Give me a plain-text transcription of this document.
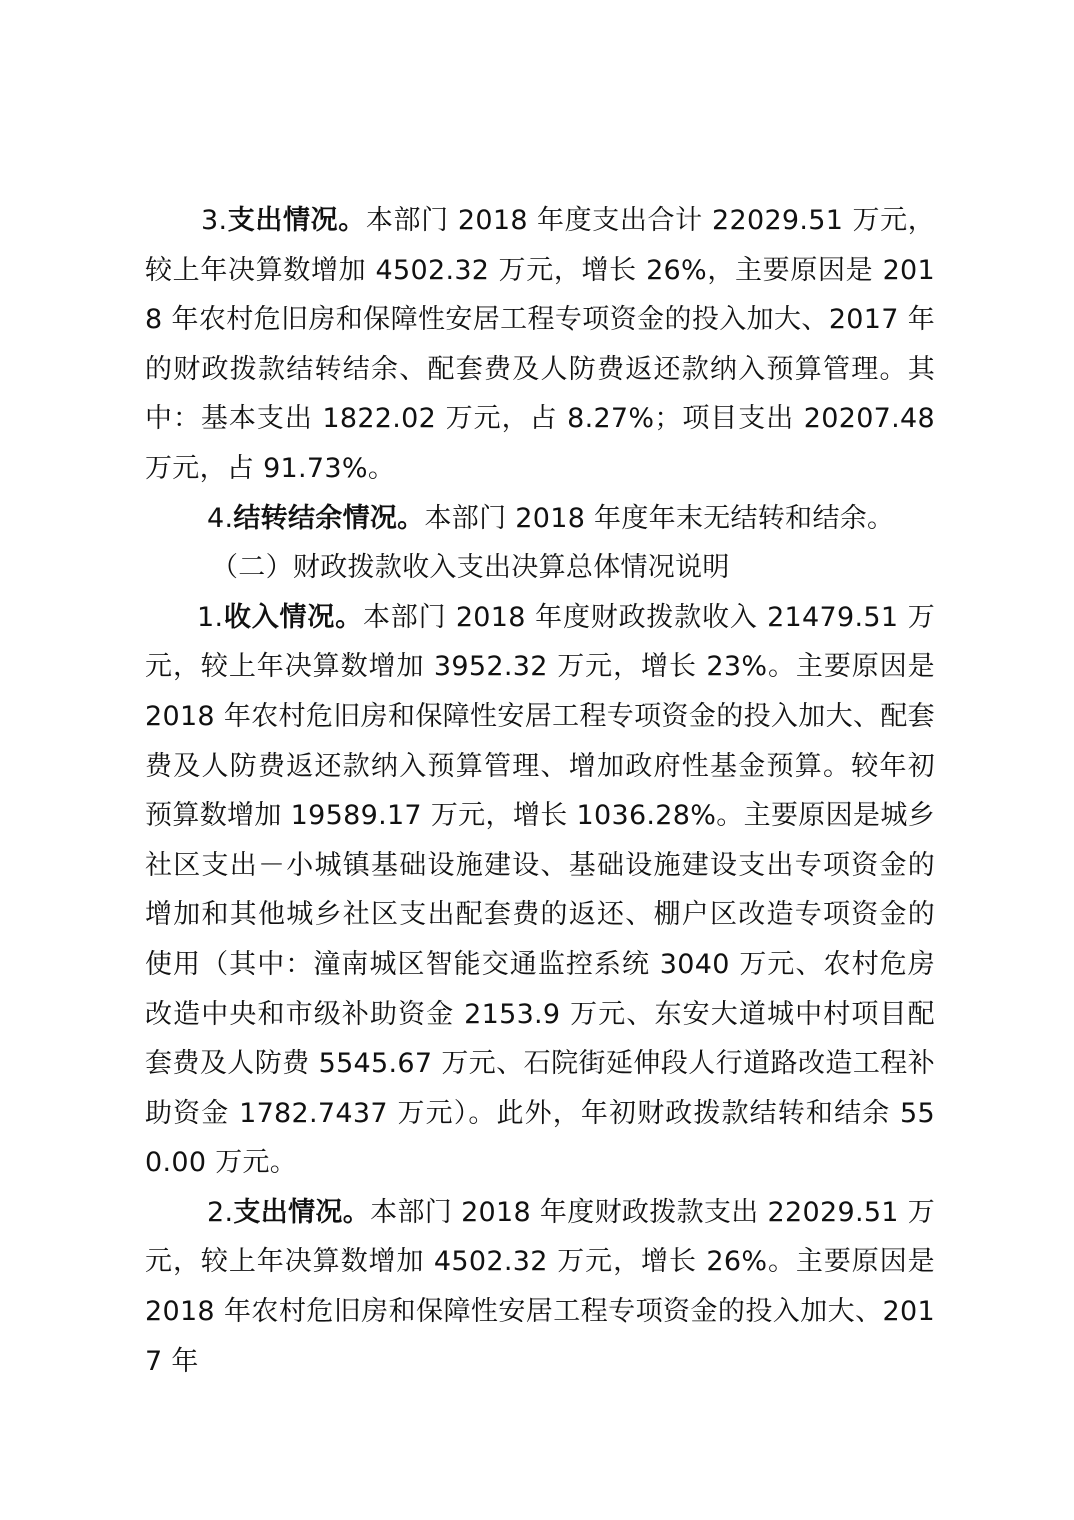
3.支出情况。本部门 2018 年度支出合计 22029.51 万元，较上年决算数增加 4502.32 万元，增长 26%，主要原因是 2018 年农村危旧房和保障性安居工程专项资金的投入加大、2017 年的财政拨款结转结余、配套费及人防费返还款纳入预算管理。其中：基本支出 1822.02 万元，占 8.27%；项目支出 20207.48 万元，占 91.73%。

4.结转结余情况。本部门 2018 年度年末无结转和结余。

（二）财政拨款收入支出决算总体情况说明

1.收入情况。本部门 2018 年度财政拨款收入 21479.51 万元，较上年决算数增加 3952.32 万元，增长 23%。主要原因是 2018 年农村危旧房和保障性安居工程专项资金的投入加大、配套费及人防费返还款纳入预算管理、增加政府性基金预算。较年初预算数增加 19589.17 万元，增长 1036.28%。主要原因是城乡社区支出－小城镇基础设施建设、基础设施建设支出专项资金的增加和其他城乡社区支出配套费的返还、棚户区改造专项资金的使用（其中：潼南城区智能交通监控系统 3040 万元、农村危房改造中央和市级补助资金 2153.9 万元、东安大道城中村项目配套费及人防费 5545.67 万元、石院街延伸段人行道路改造工程补助资金 1782.7437 万元）。此外，年初财政拨款结转和结余 550.00 万元。

2.支出情况。本部门 2018 年度财政拨款支出 22029.51 万元，较上年决算数增加 4502.32 万元，增长 26%。主要原因是 2018 年农村危旧房和保障性安居工程专项资金的投入加大、2017 年
